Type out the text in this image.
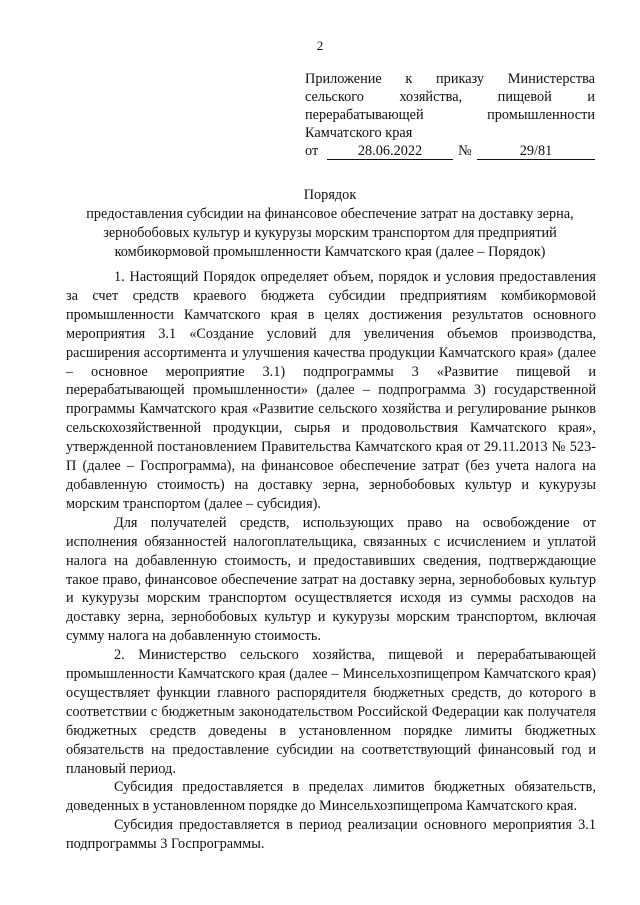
2
Приложение к приказу Министерства
сельского хозяйства, пищевой и
перерабатывающей	промышленности
Камчатского края
от	28.06.2022	№	29/81
Порядок
предоставления субсидии на финансовое обеспечение затрат на доставку зерна,
зернобобовых культур и кукурузы морским транспортом для предприятий
комбикормовой промышленности Камчатского края (далее – Порядок)

1. Настоящий Порядок определяет объем, порядок и условия предоставления за счет средств краевого бюджета субсидии предприятиям комбикормовой промышленности Камчатского края в целях достижения результатов основного мероприятия 3.1 «Создание условий для увеличения объемов производства, расширения ассортимента и улучшения качества продукции Камчатского края» (далее – основное мероприятие 3.1) подпрограммы 3 «Развитие пищевой и перерабатывающей промышленности» (далее – подпрограмма 3) государственной программы Камчатского края «Развитие сельского хозяйства и регулирование рынков сельскохозяйственной продукции, сырья и продовольствия Камчатского края», утвержденной постановлением Правительства Камчатского края от 29.11.2013 № 523-П (далее – Госпрограмма), на финансовое обеспечение затрат (без учета налога на добавленную стоимость) на доставку зерна, зернобобовых культур и кукурузы морским транспортом (далее – субсидия).

Для получателей средств, использующих право на освобождение от исполнения обязанностей налогоплательщика, связанных с исчислением и уплатой налога на добавленную стоимость, и предоставивших сведения, подтверждающие такое право, финансовое обеспечение затрат на доставку зерна, зернобобовых культур и кукурузы морским транспортом осуществляется исходя из суммы расходов на доставку зерна, зернобобовых культур и кукурузы морским транспортом, включая сумму налога на добавленную стоимость.

2. Министерство сельского хозяйства, пищевой и перерабатывающей промышленности Камчатского края (далее – Минсельхозпищепром Камчатского края) осуществляет функции главного распорядителя бюджетных средств, до которого в соответствии с бюджетным законодательством Российской Федерации как получателя бюджетных средств доведены в установленном порядке лимиты бюджетных обязательств на предоставление субсидии на соответствующий финансовый год и плановый период.

Субсидия предоставляется в пределах лимитов бюджетных обязательств, доведенных в установленном порядке до Минсельхозпищепрома Камчатского края.

Субсидия предоставляется в период реализации основного мероприятия 3.1 подпрограммы 3 Госпрограммы.
